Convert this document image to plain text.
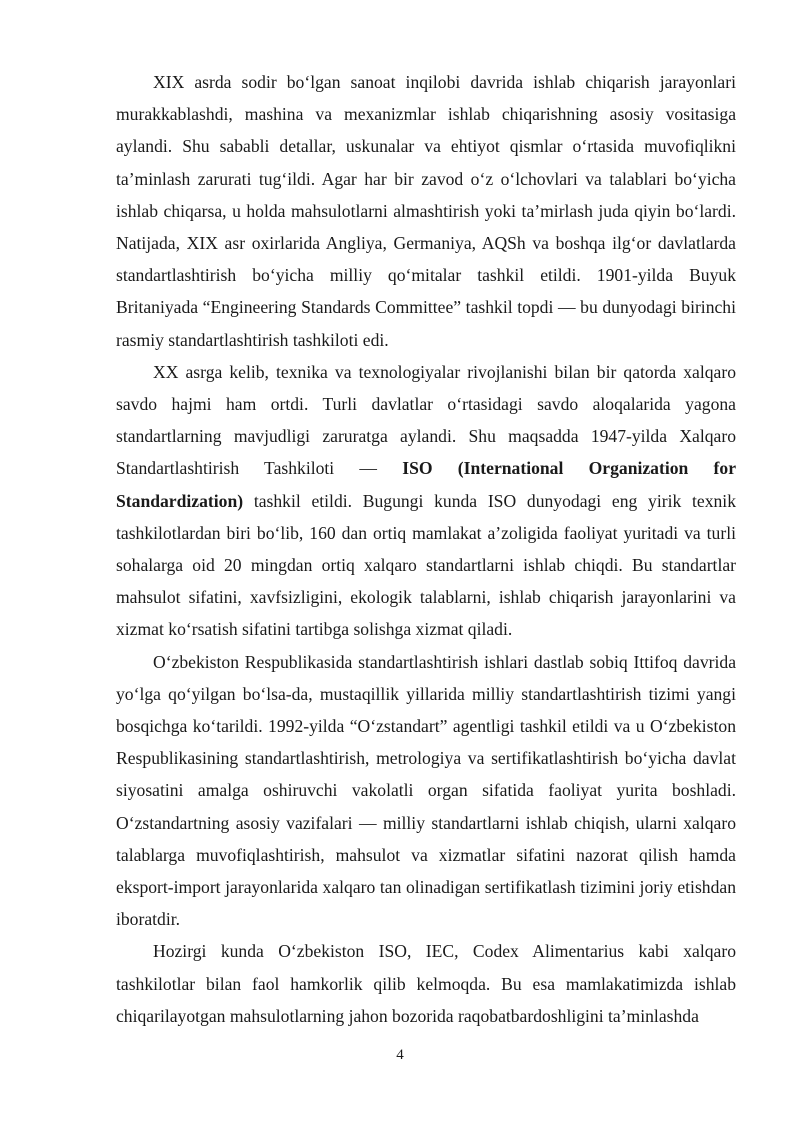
XIX asrda sodir bo‘lgan sanoat inqilobi davrida ishlab chiqarish jarayonlari murakkablashdi, mashina va mexanizmlar ishlab chiqarishning asosiy vositasiga aylandi. Shu sababli detallar, uskunalar va ehtiyot qismlar o‘rtasida muvofiqlikni ta’minlash zarurati tug‘ildi. Agar har bir zavod o‘z o‘lchovlari va talablari bo‘yicha ishlab chiqarsa, u holda mahsulotlarni almashtirish yoki ta’mirlash juda qiyin bo‘lardi. Natijada, XIX asr oxirlarida Angliya, Germaniya, AQSh va boshqa ilg‘or davlatlarda standartlashtirish bo‘yicha milliy qo‘mitalar tashkil etildi. 1901-yilda Buyuk Britaniyada “Engineering Standards Committee” tashkil topdi — bu dunyodagi birinchi rasmiy standartlashtirish tashkiloti edi.

XX asrga kelib, texnika va texnologiyalar rivojlanishi bilan bir qatorda xalqaro savdo hajmi ham ortdi. Turli davlatlar o‘rtasidagi savdo aloqalarida yagona standartlarning mavjudligi zaruratga aylandi. Shu maqsadda 1947-yilda Xalqaro Standartlashtirish Tashkiloti — ISO (International Organization for Standardization) tashkil etildi. Bugungi kunda ISO dunyodagi eng yirik texnik tashkilotlardan biri bo‘lib, 160 dan ortiq mamlakat a’zoligida faoliyat yuritadi va turli sohalarga oid 20 mingdan ortiq xalqaro standartlarni ishlab chiqdi. Bu standartlar mahsulot sifatini, xavfsizligini, ekologik talablarni, ishlab chiqarish jarayonlarini va xizmat ko‘rsatish sifatini tartibga solishga xizmat qiladi.

O‘zbekiston Respublikasida standartlashtirish ishlari dastlab sobiq Ittifoq davrida yo‘lga qo‘yilgan bo‘lsa-da, mustaqillik yillarida milliy standartlashtirish tizimi yangi bosqichga ko‘tarildi. 1992-yilda “O‘zstandart” agentligi tashkil etildi va u O‘zbekiston Respublikasining standartlashtirish, metrologiya va sertifikatlashtirish bo‘yicha davlat siyosatini amalga oshiruvchi vakolatli organ sifatida faoliyat yurita boshladi. O‘zstandartning asosiy vazifalari — milliy standartlarni ishlab chiqish, ularni xalqaro talablarga muvofiqlashtirish, mahsulot va xizmatlar sifatini nazorat qilish hamda eksport-import jarayonlarida xalqaro tan olinadigan sertifikatlash tizimini joriy etishdan iboratdir.

Hozirgi kunda O‘zbekiston ISO, IEC, Codex Alimentarius kabi xalqaro tashkilotlar bilan faol hamkorlik qilib kelmoqda. Bu esa mamlakatimizda ishlab chiqarilayotgan mahsulotlarning jahon bozorida raqobatbardoshligini ta’minlashda

4
